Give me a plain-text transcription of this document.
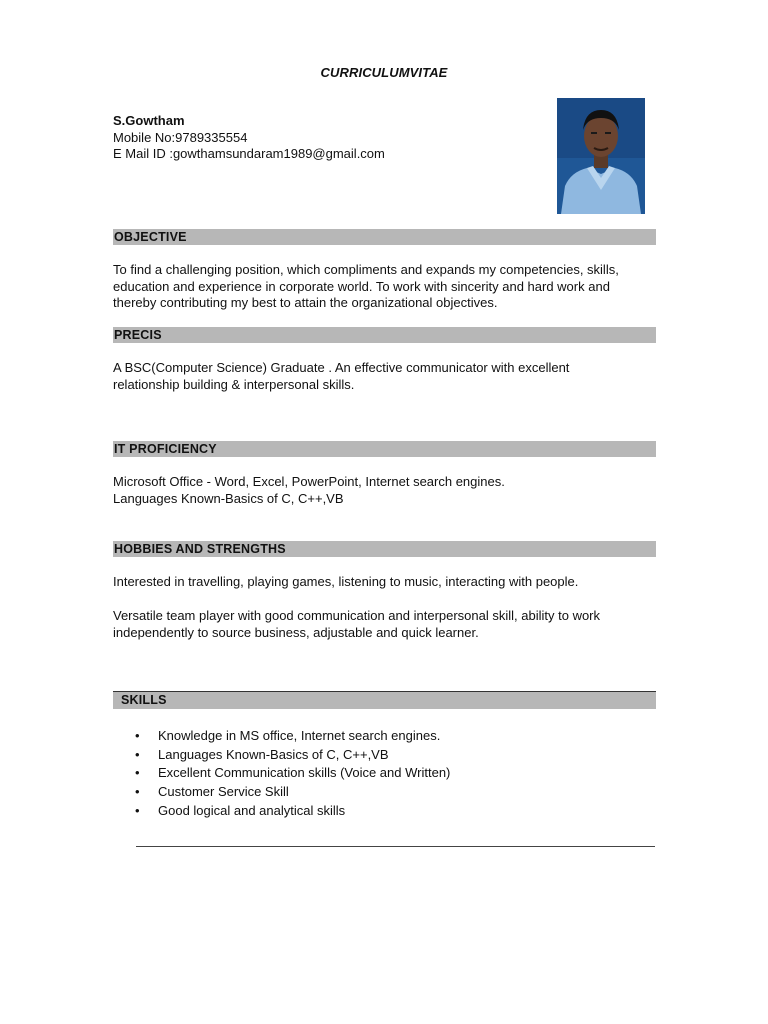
CURRICULUMVITAE
S.Gowtham
Mobile No:9789335554
E Mail ID :gowthamsundaram1989@gmail.com
OBJECTIVE
To find a challenging position, which compliments and expands my competencies, skills,
education and experience in corporate world. To work with sincerity and hard work and
thereby contributing my best to attain the organizational objectives.
PRECIS
A BSC(Computer Science) Graduate . An effective communicator with excellent
relationship building & interpersonal skills.
IT PROFICIENCY
Microsoft Office - Word, Excel, PowerPoint, Internet search engines.
Languages Known-Basics of C, C++,VB
HOBBIES AND STRENGTHS
Interested in travelling, playing games, listening to music, interacting with people.
Versatile team player with good communication and interpersonal skill, ability to work
independently to source business, adjustable and quick learner.
SKILLS
• Knowledge in MS office, Internet search engines.
• Languages Known-Basics of C, C++,VB
• Excellent Communication skills (Voice and Written)
• Customer Service Skill
• Good logical and analytical skills
